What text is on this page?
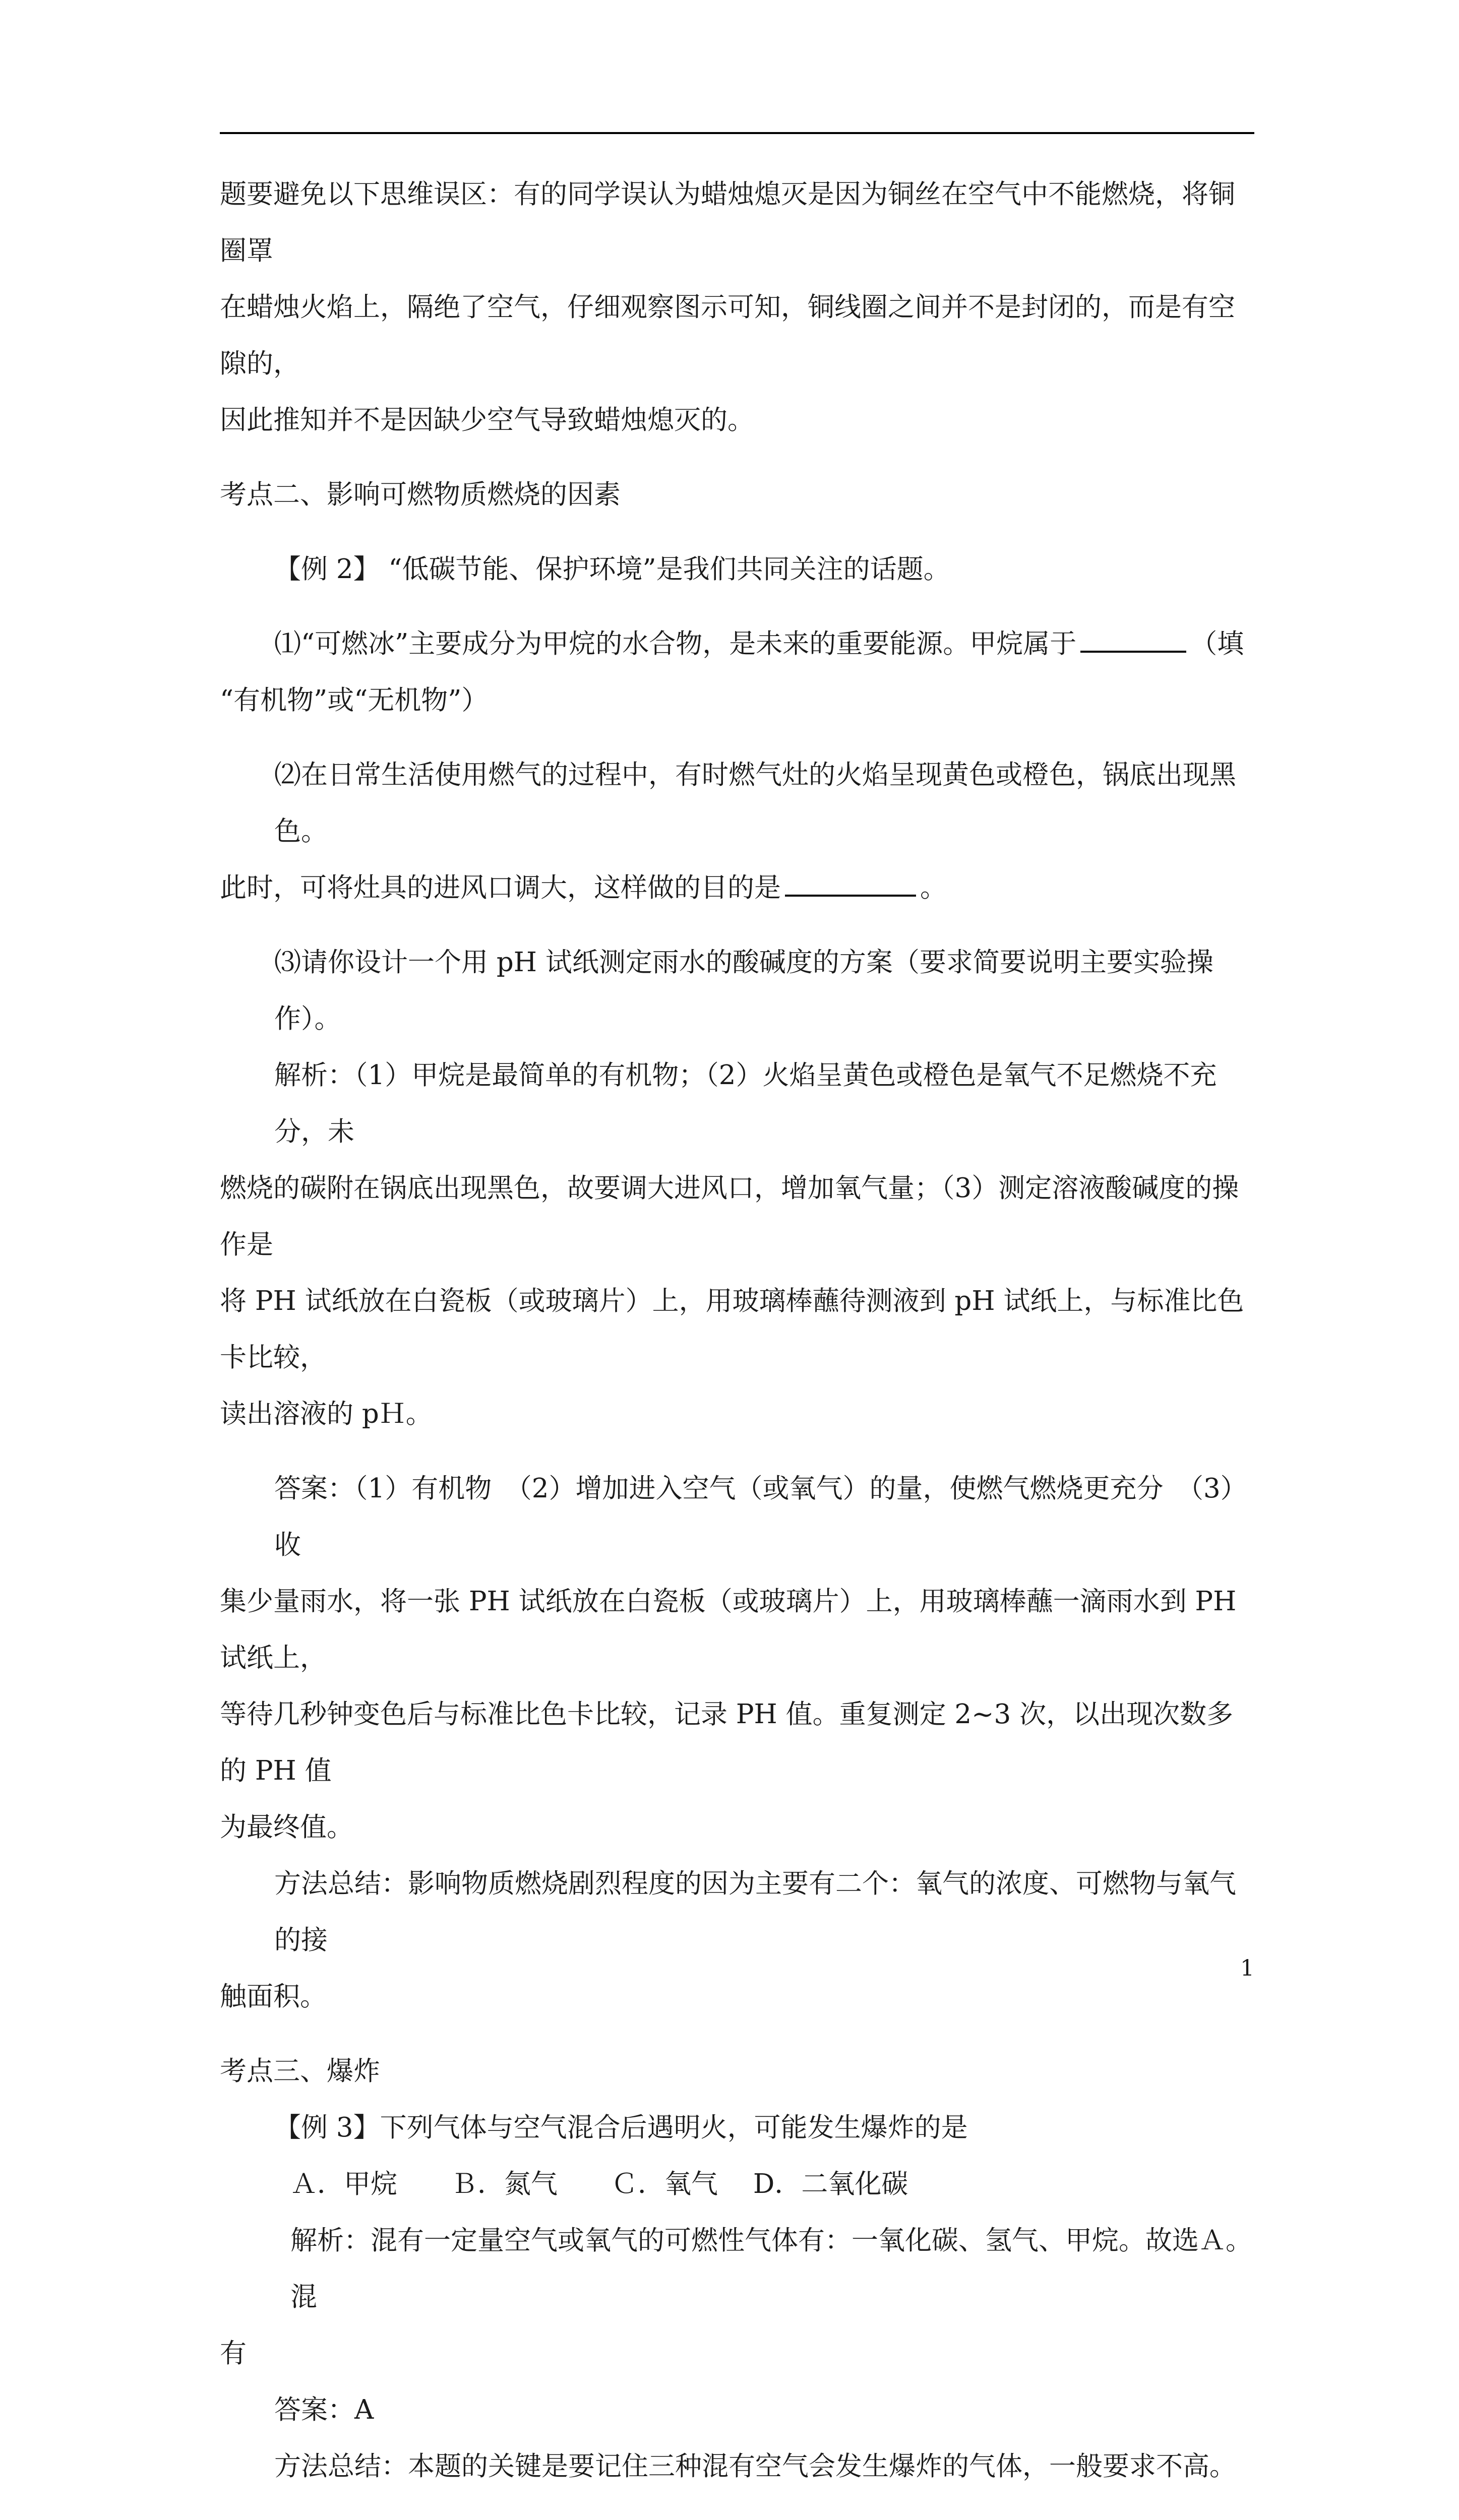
题要避免以下思维误区：有的同学误认为蜡烛熄灭是因为铜丝在空气中不能燃烧，将铜圈罩

在蜡烛火焰上，隔绝了空气，仔细观察图示可知，铜线圈之间并不是封闭的，而是有空隙的，

因此推知并不是因缺少空气导致蜡烛熄灭的。

考点二、影响可燃物质燃烧的因素

【例 2】 “低碳节能、保护环境”是我们共同关注的话题。

⑴“可燃冰”主要成分为甲烷的水合物，是未来的重要能源。甲烷属于	（填

“有机物”或“无机物”）

⑵在日常生活使用燃气的过程中，有时燃气灶的火焰呈现黄色或橙色，锅底出现黑色。

此时，可将灶具的进风口调大，这样做的目的是	。

⑶请你设计一个用 pH 试纸测定雨水的酸碱度的方案（要求简要说明主要实验操作）。

解析：（1）甲烷是最简单的有机物；（2）火焰呈黄色或橙色是氧气不足燃烧不充分，未

燃烧的碳附在锅底出现黑色，故要调大进风口，增加氧气量；（3）测定溶液酸碱度的操作是

将 PH 试纸放在白瓷板（或玻璃片）上，用玻璃棒蘸待测液到 pH 试纸上，与标准比色卡比较，

读出溶液的 pＨ。

答案：（1）有机物　（2）增加进入空气（或氧气）的量，使燃气燃烧更充分　（3）收

集少量雨水，将一张 PH 试纸放在白瓷板（或玻璃片）上，用玻璃棒蘸一滴雨水到 PH 试纸上，

等待几秒钟变色后与标准比色卡比较，记录 PH 值。重复测定 2~3 次，以出现次数多的 PH 值

为最终值。

方法总结：影响物质燃烧剧烈程度的因为主要有二个：氧气的浓度、可燃物与氧气的接

触面积。

考点三、爆炸

【例 3】下列气体与空气混合后遇明火，可能发生爆炸的是

Ａ．甲烷　　Ｂ．氮气　　Ｃ．氧气　 D．二氧化碳

解析：混有一定量空气或氧气的可燃性气体有：一氧化碳、氢气、甲烷。故选Ａ。混

有

答案：A

方法总结：本题的关键是要记住三种混有空气会发生爆炸的气体，一般要求不高。

1
